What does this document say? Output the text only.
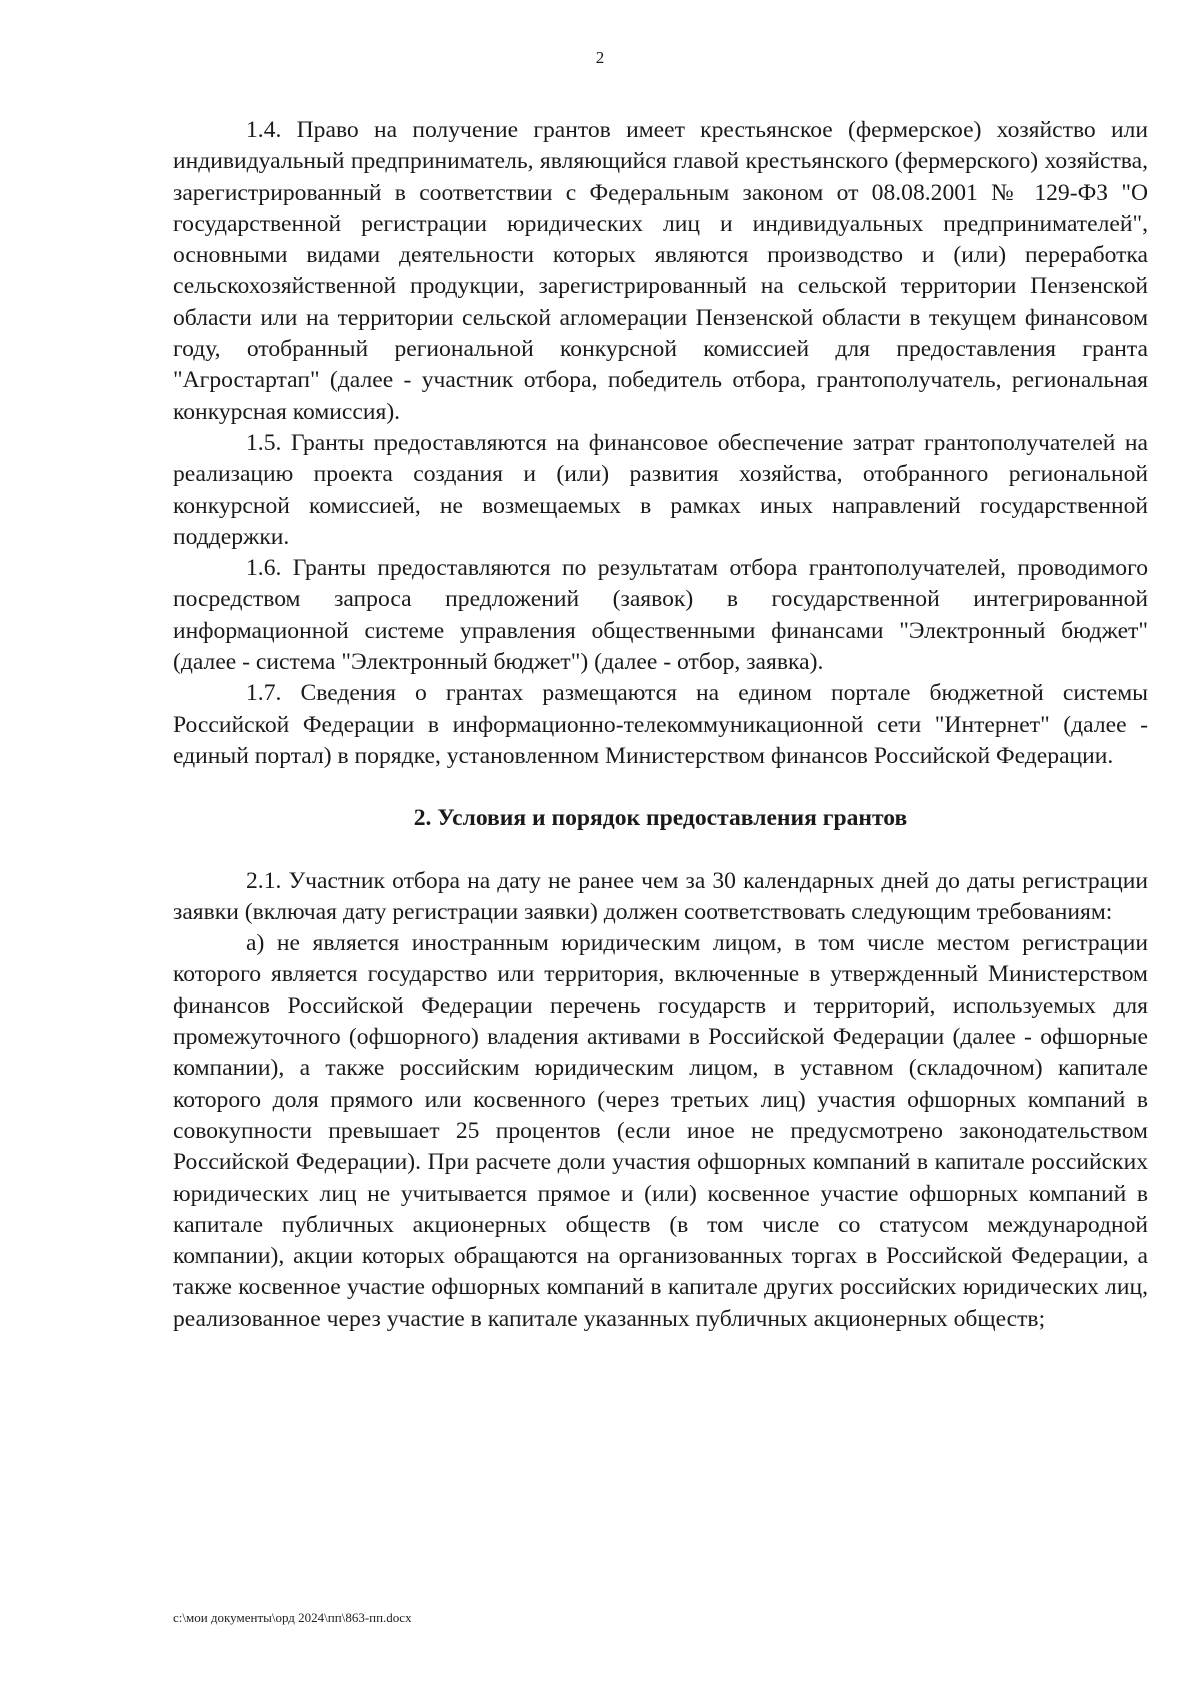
2

1.4. Право на получение грантов имеет крестьянское (фермерское) хозяйство или индивидуальный предприниматель, являющийся главой крестьянского (фермерского) хозяйства, зарегистрированный в соответствии с Федеральным законом от 08.08.2001 № 129-ФЗ "О государственной регистрации юридических лиц и индивидуальных предпринимателей", основными видами деятельности которых являются производство и (или) переработка сельскохозяйственной продукции, зарегистрированный на сельской территории Пензенской области или на территории сельской агломерации Пензенской области в текущем финансовом году, отобранный региональной конкурсной комиссией для предоставления гранта "Агростартап" (далее - участник отбора, победитель отбора, грантополучатель, региональная конкурсная комиссия).

1.5. Гранты предоставляются на финансовое обеспечение затрат грантополучателей на реализацию проекта создания и (или) развития хозяйства, отобранного региональной конкурсной комиссией, не возмещаемых в рамках иных направлений государственной поддержки.

1.6. Гранты предоставляются по результатам отбора грантополучателей, проводимого посредством запроса предложений (заявок) в государственной интегрированной информационной системе управления общественными финансами "Электронный бюджет" (далее - система "Электронный бюджет") (далее - отбор, заявка).

1.7. Сведения о грантах размещаются на едином портале бюджетной системы Российской Федерации в информационно-телекоммуникационной сети "Интернет" (далее - единый портал) в порядке, установленном Министерством финансов Российской Федерации.

2. Условия и порядок предоставления грантов

2.1. Участник отбора на дату не ранее чем за 30 календарных дней до даты регистрации заявки (включая дату регистрации заявки) должен соответствовать следующим требованиям:

а) не является иностранным юридическим лицом, в том числе местом регистрации которого является государство или территория, включенные в утвержденный Министерством финансов Российской Федерации перечень государств и территорий, используемых для промежуточного (офшорного) владения активами в Российской Федерации (далее - офшорные компании), а также российским юридическим лицом, в уставном (складочном) капитале которого доля прямого или косвенного (через третьих лиц) участия офшорных компаний в совокупности превышает 25 процентов (если иное не предусмотрено законодательством Российской Федерации). При расчете доли участия офшорных компаний в капитале российских юридических лиц не учитывается прямое и (или) косвенное участие офшорных компаний в капитале публичных акционерных обществ (в том числе со статусом международной компании), акции которых обращаются на организованных торгах в Российской Федерации, а также косвенное участие офшорных компаний в капитале других российских юридических лиц, реализованное через участие в капитале указанных публичных акционерных обществ;

c:\мои документы\орд 2024\пп\863-пп.docx
